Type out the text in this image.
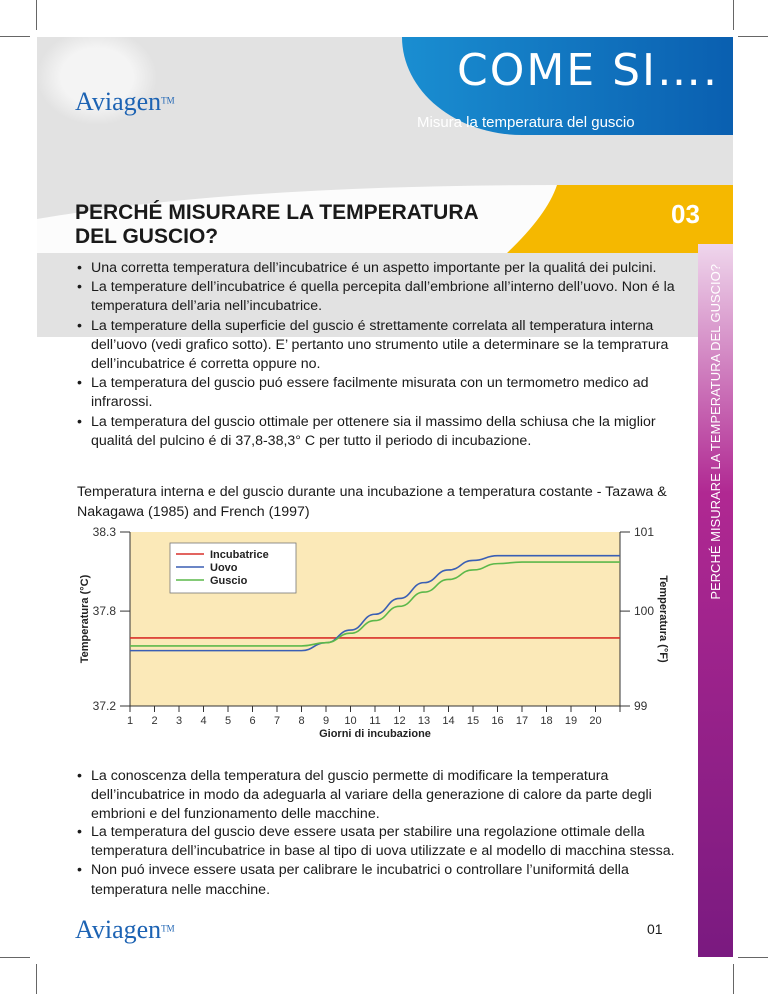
Aviagen™
COME SI….
Misura la temperatura del guscio
PERCHÉ MISURARE LA TEMPERATURA
DEL GUSCIO?
03
• Una corretta temperatura dell’incubatrice é un aspetto importante per la qualitá dei pulcini.
• La temperature dell’incubatrice é quella percepita dall’embrione all’interno dell’uovo. Non é la temperatura dell’aria nell’incubatrice.
• La temperature della superficie del guscio é strettamente correlata all temperatura interna dell’uovo (vedi grafico sotto). E’ pertanto uno strumento utile a determinare se la temprатura dell’incubatrice é corretta oppure no.
• La temperatura del guscio puó essere facilmente misurata con un termometro medico ad infrarossi.
• La temperatura del guscio ottimale per ottenere sia il massimo della schiusa che la miglior qualitá del pulcino é di 37,8-38,3° C per tutto il periodo di incubazione.
Temperatura interna e del guscio durante una incubazione a temperatura costante - Tazawa & Nakagawa (1985) and French (1997)
38.3
37.8
37.2
101
100
99
1 2 3 4 5 6 7 8 9 10 11 12 13 14 15 16 17 18 19 20
Giorni di incubazione
Temperatura (°C)	Temperatura (°F)
Incubatrice
Uovo
Guscio
• La conoscenza della temperatura del guscio permette di modificare la temperatura dell’incubatrice in modo da adeguarla al variare della generazione di calore da parte degli embrioni e del funzionamento delle macchine.
• La temperatura del guscio deve essere usata per stabilire una regolazione ottimale della temperatura dell’incubatrice in base al tipo di uova utilizzate e al modello di macchina stessa.
• Non puó invece essere usata per calibrare le incubatrici o controllare l’uniformitá della temperatura nelle macchine.
Aviagen™	01
PERCHÉ MISURARE LA TEMPERATURA DEL GUSCIO?
